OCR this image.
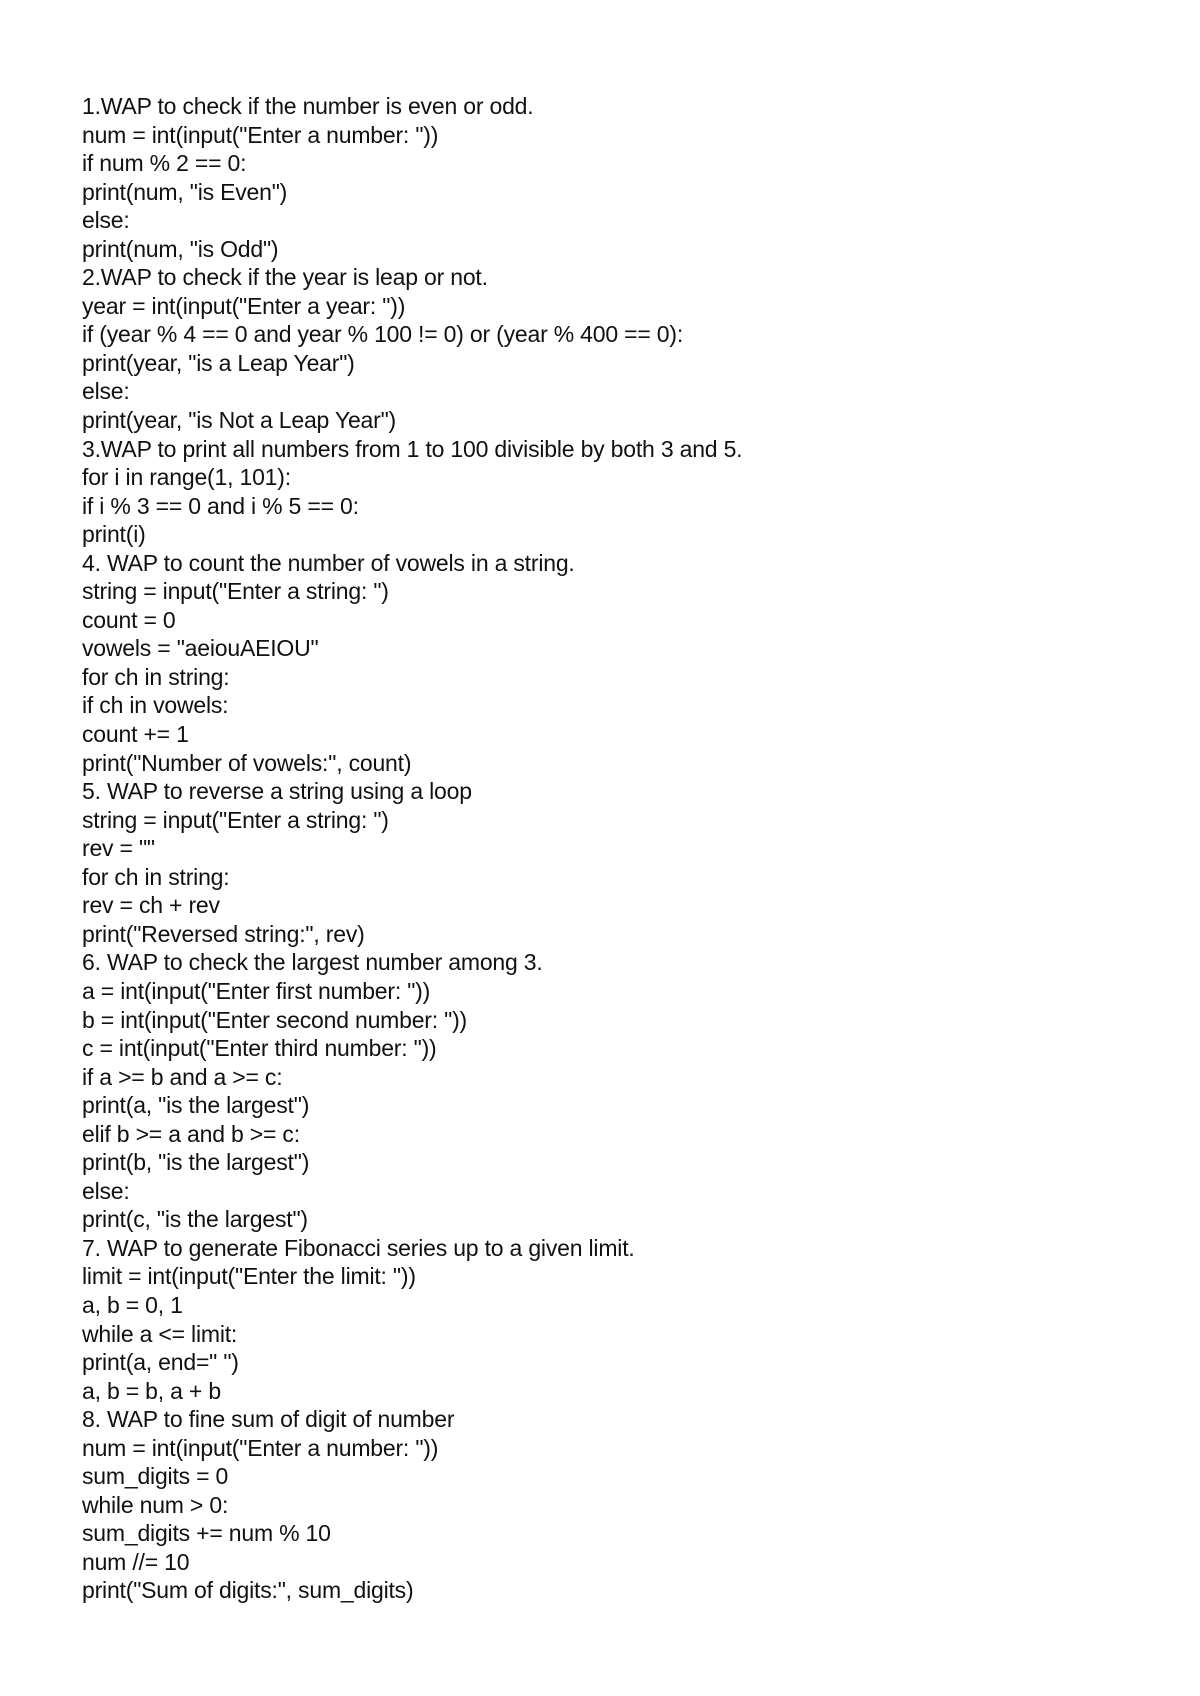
1.WAP to check if the number is even or odd.
num = int(input("Enter a number: "))
if num % 2 == 0:
print(num, "is Even")
else:
print(num, "is Odd")
2.WAP to check if the year is leap or not.
year = int(input("Enter a year: "))
if (year % 4 == 0 and year % 100 != 0) or (year % 400 == 0):
print(year, "is a Leap Year")
else:
print(year, "is Not a Leap Year")
3.WAP to print all numbers from 1 to 100 divisible by both 3 and 5.
for i in range(1, 101):
if i % 3 == 0 and i % 5 == 0:
print(i)
4. WAP to count the number of vowels in a string.
string = input("Enter a string: ")
count = 0
vowels = "aeiouAEIOU"
for ch in string:
if ch in vowels:
count += 1
print("Number of vowels:", count)
5. WAP to reverse a string using a loop
string = input("Enter a string: ")
rev = ""
for ch in string:
rev = ch + rev
print("Reversed string:", rev)
6. WAP to check the largest number among 3.
a = int(input("Enter first number: "))
b = int(input("Enter second number: "))
c = int(input("Enter third number: "))
if a >= b and a >= c:
print(a, "is the largest")
elif b >= a and b >= c:
print(b, "is the largest")
else:
print(c, "is the largest")
7. WAP to generate Fibonacci series up to a given limit.
limit = int(input("Enter the limit: "))
a, b = 0, 1
while a <= limit:
print(a, end=" ")
a, b = b, a + b
8. WAP to fine sum of digit of number
num = int(input("Enter a number: "))
sum_digits = 0
while num > 0:
sum_digits += num % 10
num //= 10
print("Sum of digits:", sum_digits)
